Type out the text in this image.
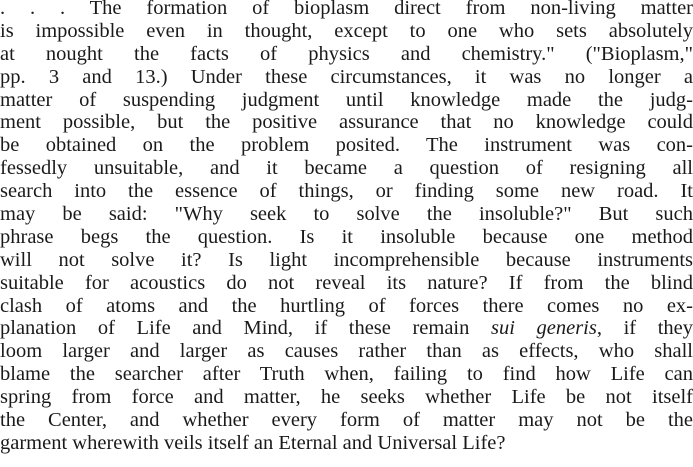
. . . The formation of bioplasm direct from non-living matter
is impossible even in thought, except to one who sets absolutely
at nought the facts of physics and chemistry." ("Bioplasm,"
pp. 3 and 13.) Under these circumstances, it was no longer a
matter of suspending judgment until knowledge made the judg-
ment possible, but the positive assurance that no knowledge could
be obtained on the problem posited. The instrument was con-
fessedly unsuitable, and it became a question of resigning all
search into the essence of things, or finding some new road. It
may be said: "Why seek to solve the insoluble?" But such
phrase begs the question. Is it insoluble because one method
will not solve it? Is light incomprehensible because instruments
suitable for acoustics do not reveal its nature? If from the blind
clash of atoms and the hurtling of forces there comes no ex-
planation of Life and Mind, if these remain sui generis, if they
loom larger and larger as causes rather than as effects, who shall
blame the searcher after Truth when, failing to find how Life can
spring from force and matter, he seeks whether Life be not itself
the Center, and whether every form of matter may not be the
garment wherewith veils itself an Eternal and Universal Life?
